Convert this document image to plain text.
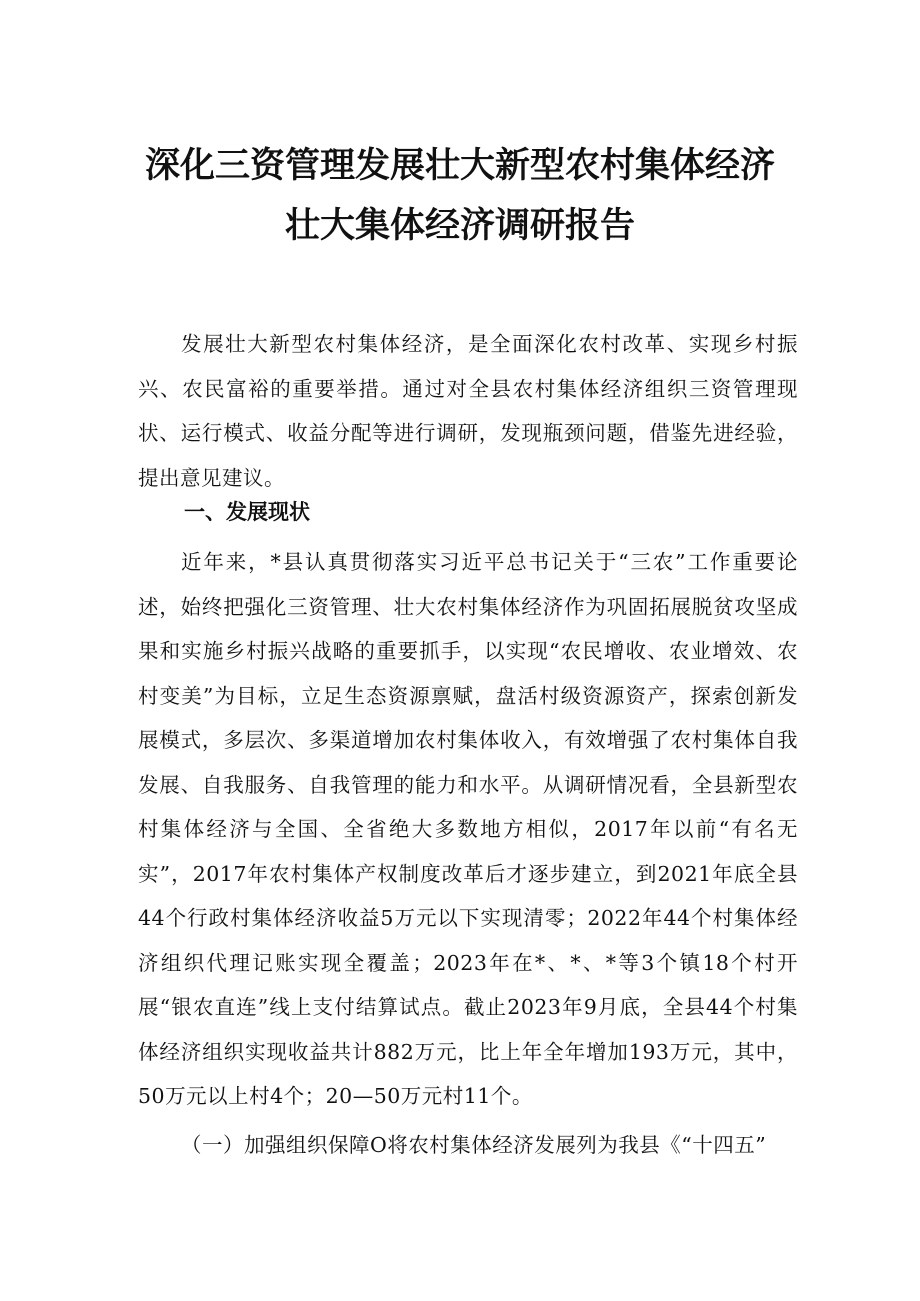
深化三资管理发展壮大新型农村集体经济
壮大集体经济调研报告

发展壮大新型农村集体经济，是全面深化农村改革、实现乡村振兴、农民富裕的重要举措。通过对全县农村集体经济组织三资管理现状、运行模式、收益分配等进行调研，发现瓶颈问题，借鉴先进经验，提出意见建议。

一、发展现状

近年来，*县认真贯彻落实习近平总书记关于“三农”工作重要论述，始终把强化三资管理、壮大农村集体经济作为巩固拓展脱贫攻坚成果和实施乡村振兴战略的重要抓手，以实现“农民增收、农业增效、农村变美”为目标，立足生态资源禀赋，盘活村级资源资产，探索创新发展模式，多层次、多渠道增加农村集体收入，有效增强了农村集体自我发展、自我服务、自我管理的能力和水平。从调研情况看，全县新型农村集体经济与全国、全省绝大多数地方相似，2017年以前“有名无实”，2017年农村集体产权制度改革后才逐步建立，到2021年底全县44个行政村集体经济收益5万元以下实现清零；2022年44个村集体经济组织代理记账实现全覆盖；2023年在*、*、*等3个镇18个村开展“银农直连”线上支付结算试点。截止2023年9月底，全县44个村集体经济组织实现收益共计882万元，比上年全年增加193万元，其中，50万元以上村4个；20—50万元村11个。

（一）加强组织保障O将农村集体经济发展列为我县《“十四五”
